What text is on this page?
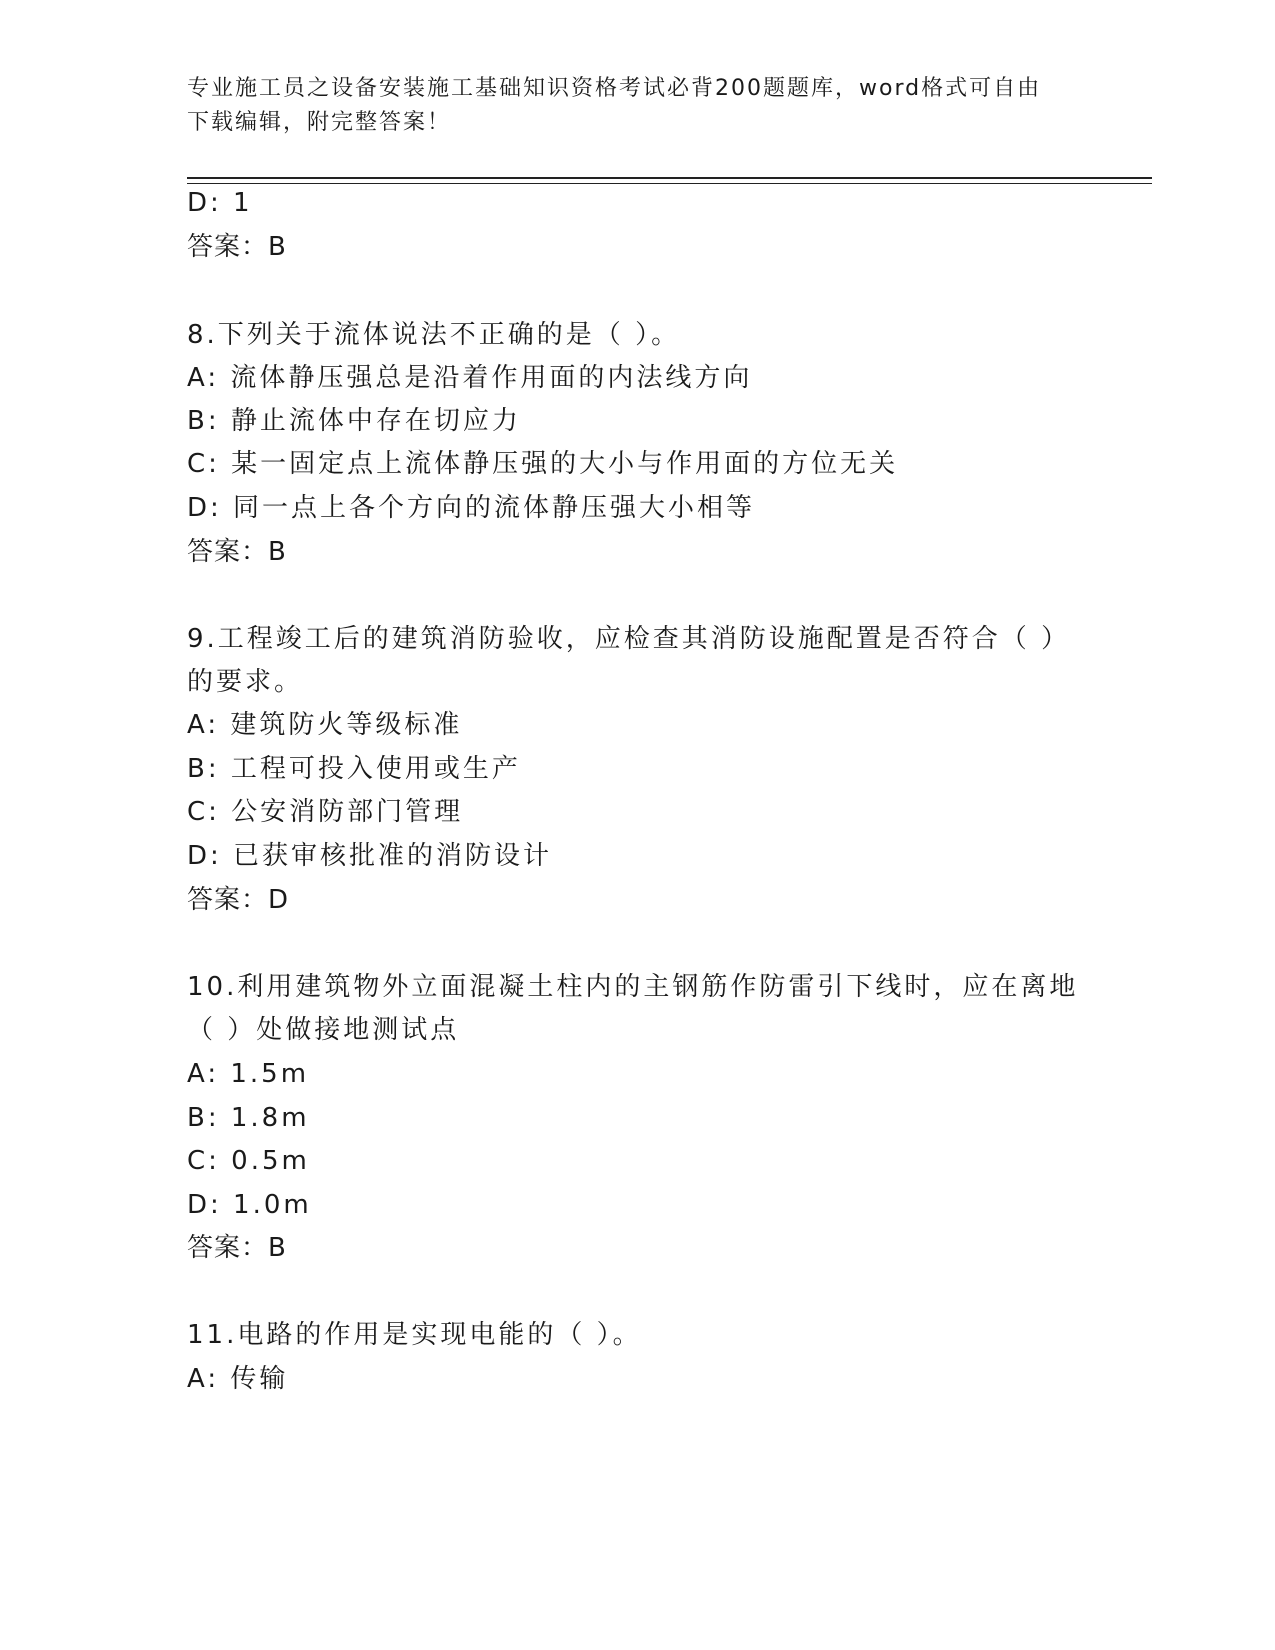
专业施工员之设备安装施工基础知识资格考试必背200题题库，word格式可自由
下载编辑，附完整答案！
D: 1
答案：B
8.下列关于流体说法不正确的是（ ）。
A: 流体静压强总是沿着作用面的内法线方向
B: 静止流体中存在切应力
C: 某一固定点上流体静压强的大小与作用面的方位无关
D: 同一点上各个方向的流体静压强大小相等
答案：B
9.工程竣工后的建筑消防验收，应检查其消防设施配置是否符合（ ）
的要求。
A: 建筑防火等级标准
B: 工程可投入使用或生产
C: 公安消防部门管理
D: 已获审核批准的消防设计
答案：D
10.利用建筑物外立面混凝土柱内的主钢筋作防雷引下线时，应在离地
（ ）处做接地测试点
A: 1.5m
B: 1.8m
C: 0.5m
D: 1.0m
答案：B
11.电路的作用是实现电能的（ ）。
A: 传输
